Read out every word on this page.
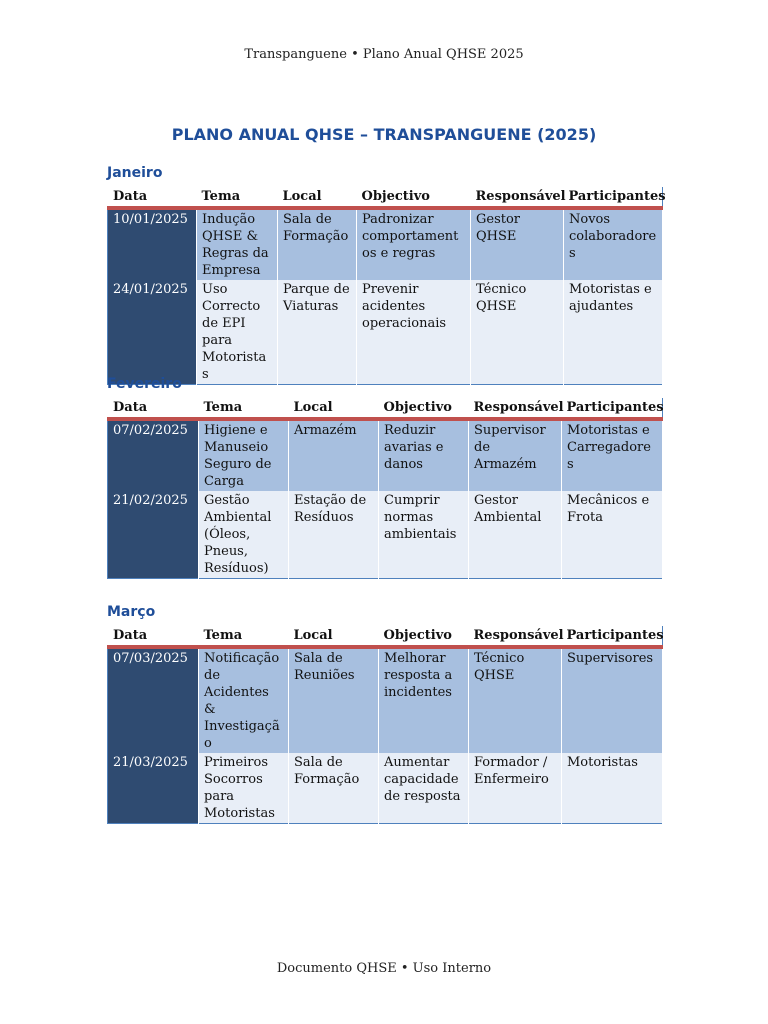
Transpanguene • Plano Anual QHSE 2025
PLANO ANUAL QHSE – TRANSPANGUENE (2025)
Janeiro
Data	Tema	Local	Objectivo	Responsável	Participantes
10/01/2025	Indução QHSE & Regras da Empresa	Sala de Formação	Padronizar comportamentos e regras	Gestor QHSE	Novos colaboradores
24/01/2025	Uso Correcto de EPI para Motoristas	Parque de Viaturas	Prevenir acidentes operacionais	Técnico QHSE	Motoristas e ajudantes
Fevereiro
Data	Tema	Local	Objectivo	Responsável	Participantes
07/02/2025	Higiene e Manuseio Seguro de Carga	Armazém	Reduzir avarias e danos	Supervisor de Armazém	Motoristas e Carregadores
21/02/2025	Gestão Ambiental (Óleos, Pneus, Resíduos)	Estação de Resíduos	Cumprir normas ambientais	Gestor Ambiental	Mecânicos e Frota
Março
Data	Tema	Local	Objectivo	Responsável	Participantes
07/03/2025	Notificação de Acidentes & Investigação	Sala de Reuniões	Melhorar resposta a incidentes	Técnico QHSE	Supervisores
21/03/2025	Primeiros Socorros para Motoristas	Sala de Formação	Aumentar capacidade de resposta	Formador / Enfermeiro	Motoristas
Documento QHSE • Uso Interno
